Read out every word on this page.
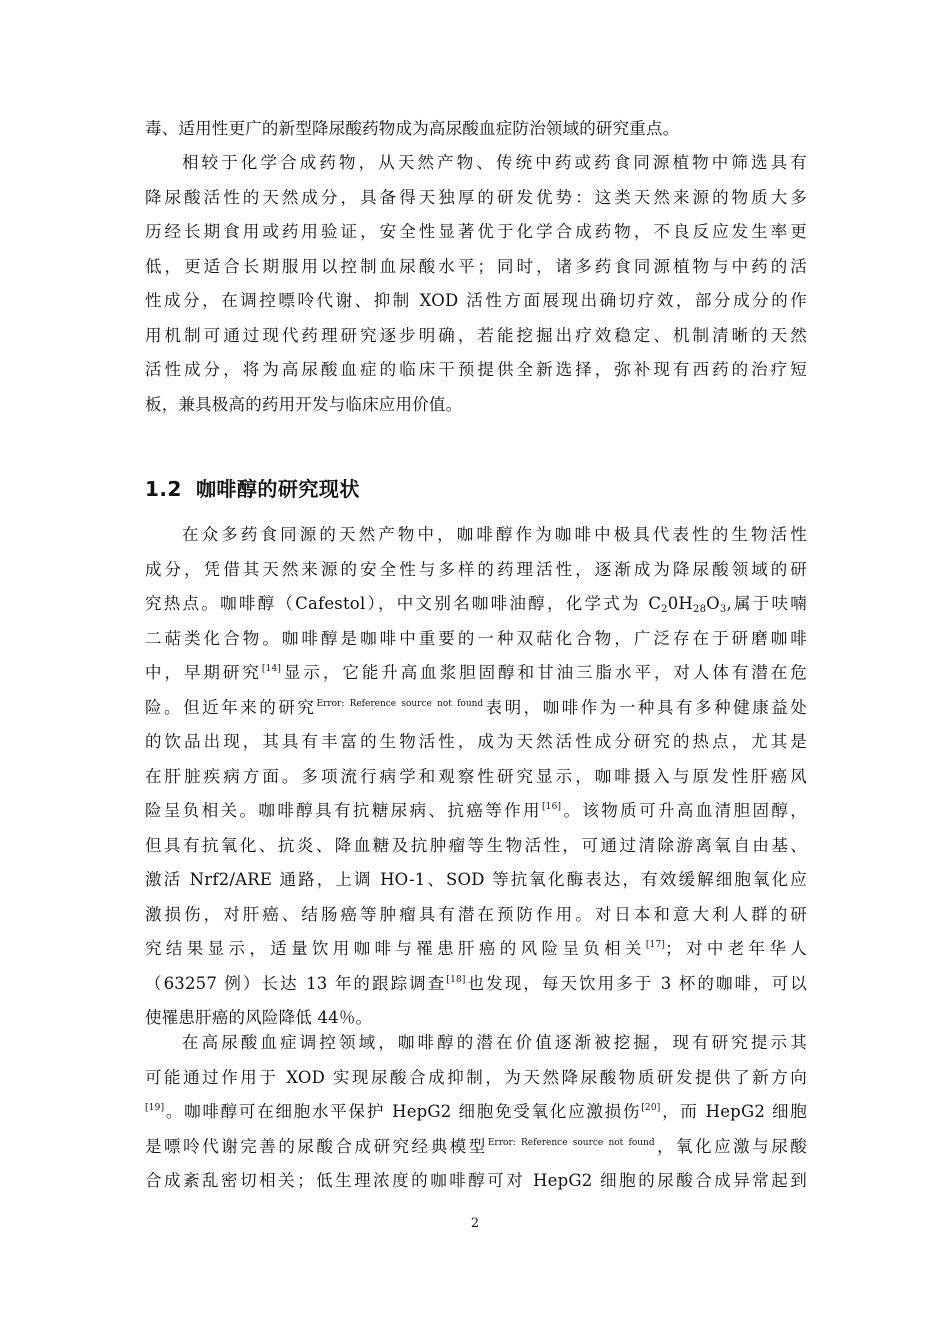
毒、适用性更广的新型降尿酸药物成为高尿酸血症防治领域的研究重点。
相较于化学合成药物，从天然产物、传统中药或药食同源植物中筛选具有
降尿酸活性的天然成分，具备得天独厚的研发优势：这类天然来源的物质大多
历经长期食用或药用验证，安全性显著优于化学合成药物，不良反应发生率更
低，更适合长期服用以控制血尿酸水平；同时，诸多药食同源植物与中药的活
性成分，在调控嘌呤代谢、抑制 XOD 活性方面展现出确切疗效，部分成分的作
用机制可通过现代药理研究逐步明确，若能挖掘出疗效稳定、机制清晰的天然
活性成分，将为高尿酸血症的临床干预提供全新选择，弥补现有西药的治疗短
板，兼具极高的药用开发与临床应用价值。
1.2 咖啡醇的研究现状
在众多药食同源的天然产物中，咖啡醇作为咖啡中极具代表性的生物活性
成分，凭借其天然来源的安全性与多样的药理活性，逐渐成为降尿酸领域的研
究热点。咖啡醇（Cafestol），中文别名咖啡油醇，化学式为 $C_20H_{28}O_3$,属于呋喃
二萜类化合物。咖啡醇是咖啡中重要的一种双萜化合物，广泛存在于研磨咖啡
中，早期研究[14]显示，它能升高血浆胆固醇和甘油三脂水平，对人体有潜在危
险。但近年来的研究$^{Error: Reference source not found}$表明，咖啡作为一种具有多种健康益处
的饮品出现，其具有丰富的生物活性，成为天然活性成分研究的热点，尤其是
在肝脏疾病方面。多项流行病学和观察性研究显示，咖啡摄入与原发性肝癌风
险呈负相关。咖啡醇具有抗糖尿病、抗癌等作用[16]。该物质可升高血清胆固醇，
但具有抗氧化、抗炎、降血糖及抗肿瘤等生物活性，可通过清除游离氧自由基、
激活 Nrf2/ARE 通路，上调 HO-1、SOD 等抗氧化酶表达，有效缓解细胞氧化应
激损伤，对肝癌、结肠癌等肿瘤具有潜在预防作用。对日本和意大利人群的研
究结果显示，适量饮用咖啡与罹患肝癌的风险呈负相关[17]；对中老年华人
（63257 例）长达 13 年的跟踪调查[18]也发现，每天饮用多于 3 杯的咖啡，可以
使罹患肝癌的风险降低 44％。
在高尿酸血症调控领域，咖啡醇的潜在价值逐渐被挖掘，现有研究提示其
可能通过作用于 XOD 实现尿酸合成抑制，为天然降尿酸物质研发提供了新方向
[19]。咖啡醇可在细胞水平保护 HepG2 细胞免受氧化应激损伤[20]，而 HepG2 细胞
是嘌呤代谢完善的尿酸合成研究经典模型$^{Error: Reference source not found}$，氧化应激与尿酸
合成紊乱密切相关；低生理浓度的咖啡醇可对 HepG2 细胞的尿酸合成异常起到
2
